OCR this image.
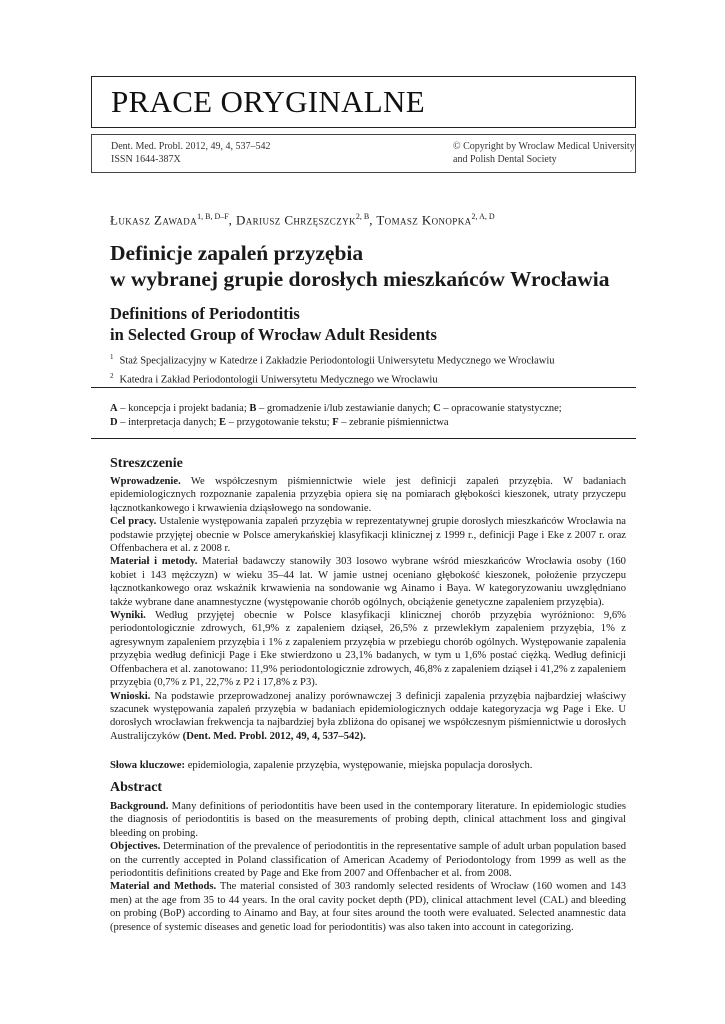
PRACE ORYGINALNE
Dent. Med. Probl. 2012, 49, 4, 537–542
ISSN 1644-387X
© Copyright by Wroclaw Medical University
and Polish Dental Society
Łukasz Zawada$^{1, B, D-F}$, Dariusz Chrzęszczyk$^{2, B}$, Tomasz Konopka$^{2, A, D}$
Definicje zapaleń przyzębia
w wybranej grupie dorosłych mieszkańców Wrocławia
Definitions of Periodontitis
in Selected Group of Wrocław Adult Residents
$^1$ Staż Specjalizacyjny w Katedrze i Zakładzie Periodontologii Uniwersytetu Medycznego we Wrocławiu
$^2$ Katedra i Zakład Periodontologii Uniwersytetu Medycznego we Wrocławiu
A – koncepcja i projekt badania; B – gromadzenie i/lub zestawianie danych; C – opracowanie statystyczne;
D – interpretacja danych; E – przygotowanie tekstu; F – zebranie piśmiennictwa
Streszczenie

Wprowadzenie. We współczesnym piśmiennictwie wiele jest definicji zapaleń przyzębia. W badaniach epidemiologicznych rozpoznanie zapalenia przyzębia opiera się na pomiarach głębokości kieszonek, utraty przyczepu łącznotkankowego i krwawienia dziąsłowego na sondowanie.
Cel pracy. Ustalenie występowania zapaleń przyzębia w reprezentatywnej grupie dorosłych mieszkańców Wrocławia na podstawie przyjętej obecnie w Polsce amerykańskiej klasyfikacji klinicznej z 1999 r., definicji Page i Eke z 2007 r. oraz Offenbachera et al. z 2008 r.
Materiał i metody. Materiał badawczy stanowiły 303 losowo wybrane wśród mieszkańców Wrocławia osoby (160 kobiet i 143 mężczyzn) w wieku 35–44 lat. W jamie ustnej oceniano głębokość kieszonek, położenie przyczepu łącznotkankowego oraz wskaźnik krwawienia na sondowanie wg Ainamo i Baya. W kategoryzowaniu uwzględniano także wybrane dane anamnestyczne (występowanie chorób ogólnych, obciążenie genetyczne zapaleniem przyzębia).
Wyniki. Według przyjętej obecnie w Polsce klasyfikacji klinicznej chorób przyzębia wyróżniono: 9,6% periodontologicznie zdrowych, 61,9% z zapaleniem dziąseł, 26,5% z przewlekłym zapaleniem przyzębia, 1% z agresywnym zapaleniem przyzębia i 1% z zapaleniem przyzębia w przebiegu chorób ogólnych. Występowanie zapalenia przyzębia według definicji Page i Eke stwierdzono u 23,1% badanych, w tym u 1,6% postać ciężką. Według definicji Offenbachera et al. zanotowano: 11,9% periodontologicznie zdrowych, 46,8% z zapaleniem dziąseł i 41,2% z zapaleniem przyzębia (0,7% z P1, 22,7% z P2 i 17,8% z P3).
Wnioski. Na podstawie przeprowadzonej analizy porównawczej 3 definicji zapalenia przyzębia najbardziej właściwy szacunek występowania zapaleń przyzębia w badaniach epidemiologicznych oddaje kategoryzacja wg Page i Eke. U dorosłych wrocławian frekwencja ta najbardziej była zbliżona do opisanej we współczesnym piśmiennictwie u dorosłych Australijczyków (Dent. Med. Probl. 2012, 49, 4, 537–542).

Słowa kluczowe: epidemiologia, zapalenie przyzębia, występowanie, miejska populacja dorosłych.

Abstract

Background. Many definitions of periodontitis have been used in the contemporary literature. In epidemiologic studies the diagnosis of periodontitis is based on the measurements of probing depth, clinical attachment loss and gingival bleeding on probing.
Objectives. Determination of the prevalence of periodontitis in the representative sample of adult urban population based on the currently accepted in Poland classification of American Academy of Periodontology from 1999 as well as the periodontitis definitions created by Page and Eke from 2007 and Offenbacher et al. from 2008.
Material and Methods. The material consisted of 303 randomly selected residents of Wrocław (160 women and 143 men) at the age from 35 to 44 years. In the oral cavity pocket depth (PD), clinical attachment level (CAL) and bleeding on probing (BoP) according to Ainamo and Bay, at four sites around the tooth were evaluated. Selected anamnestic data (presence of systemic diseases and genetic load for periodontitis) was also taken into account in categorizing.
